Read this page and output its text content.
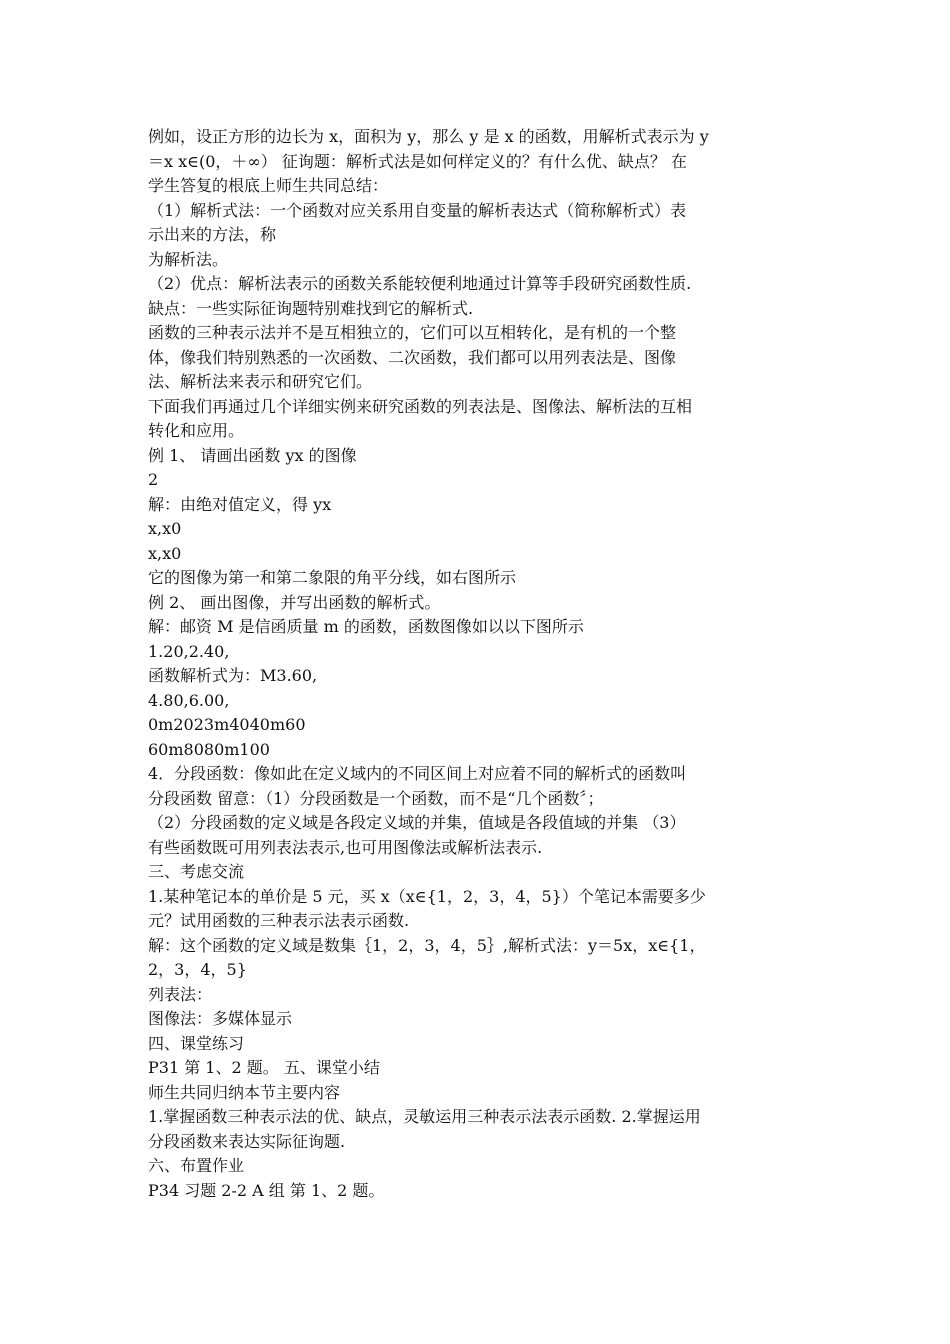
例如，设正方形的边长为 x，面积为 y，那么 y 是 x 的函数，用解析式表示为 y
＝x x∈(0，＋∞） 征询题：解析式法是如何样定义的？有什么优、缺点？ 在
学生答复的根底上师生共同总结：
（1）解析式法：一个函数对应关系用自变量的解析表达式（简称解析式）表
示出来的方法，称
为解析法。
（2）优点：解析法表示的函数关系能较便利地通过计算等手段研究函数性质.
缺点：一些实际征询题特别难找到它的解析式.
函数的三种表示法并不是互相独立的，它们可以互相转化，是有机的一个整
体，像我们特别熟悉的一次函数、二次函数，我们都可以用列表法是、图像
法、解析法来表示和研究它们。
下面我们再通过几个详细实例来研究函数的列表法是、图像法、解析法的互相
转化和应用。
例 1、 请画出函数 yx 的图像
2
解：由绝对值定义，得 yx
x,x0
x,x0
它的图像为第一和第二象限的角平分线，如右图所示
例 2、 画出图像，并写出函数的解析式。
解：邮资 M 是信函质量 m 的函数，函数图像如以以下图所示
1.20,2.40,
函数解析式为：M3.60,
4.80,6.00,
0m2023m4040m60
60m8080m100
4．分段函数：像如此在定义域内的不同区间上对应着不同的解析式的函数叫
分段函数 留意：（1）分段函数是一个函数，而不是“几个函数〞；
（2）分段函数的定义域是各段定义域的并集，值域是各段值域的并集 （3）
有些函数既可用列表法表示,也可用图像法或解析法表示.
三、考虑交流
1.某种笔记本的单价是 5 元，买 x（x∈{1，2，3，4，5}）个笔记本需要多少
元？试用函数的三种表示法表示函数.
解：这个函数的定义域是数集｛1，2，3，4，5｝,解析式法：y＝5x，x∈{1，
2，3，4，5}
列表法：
图像法：多媒体显示
四、课堂练习
P31 第 1、2 题。 五、课堂小结
师生共同归纳本节主要内容
1.掌握函数三种表示法的优、缺点，灵敏运用三种表示法表示函数. 2.掌握运用
分段函数来表达实际征询题.
六、布置作业
P34 习题 2-2 A 组 第 1、2 题。
